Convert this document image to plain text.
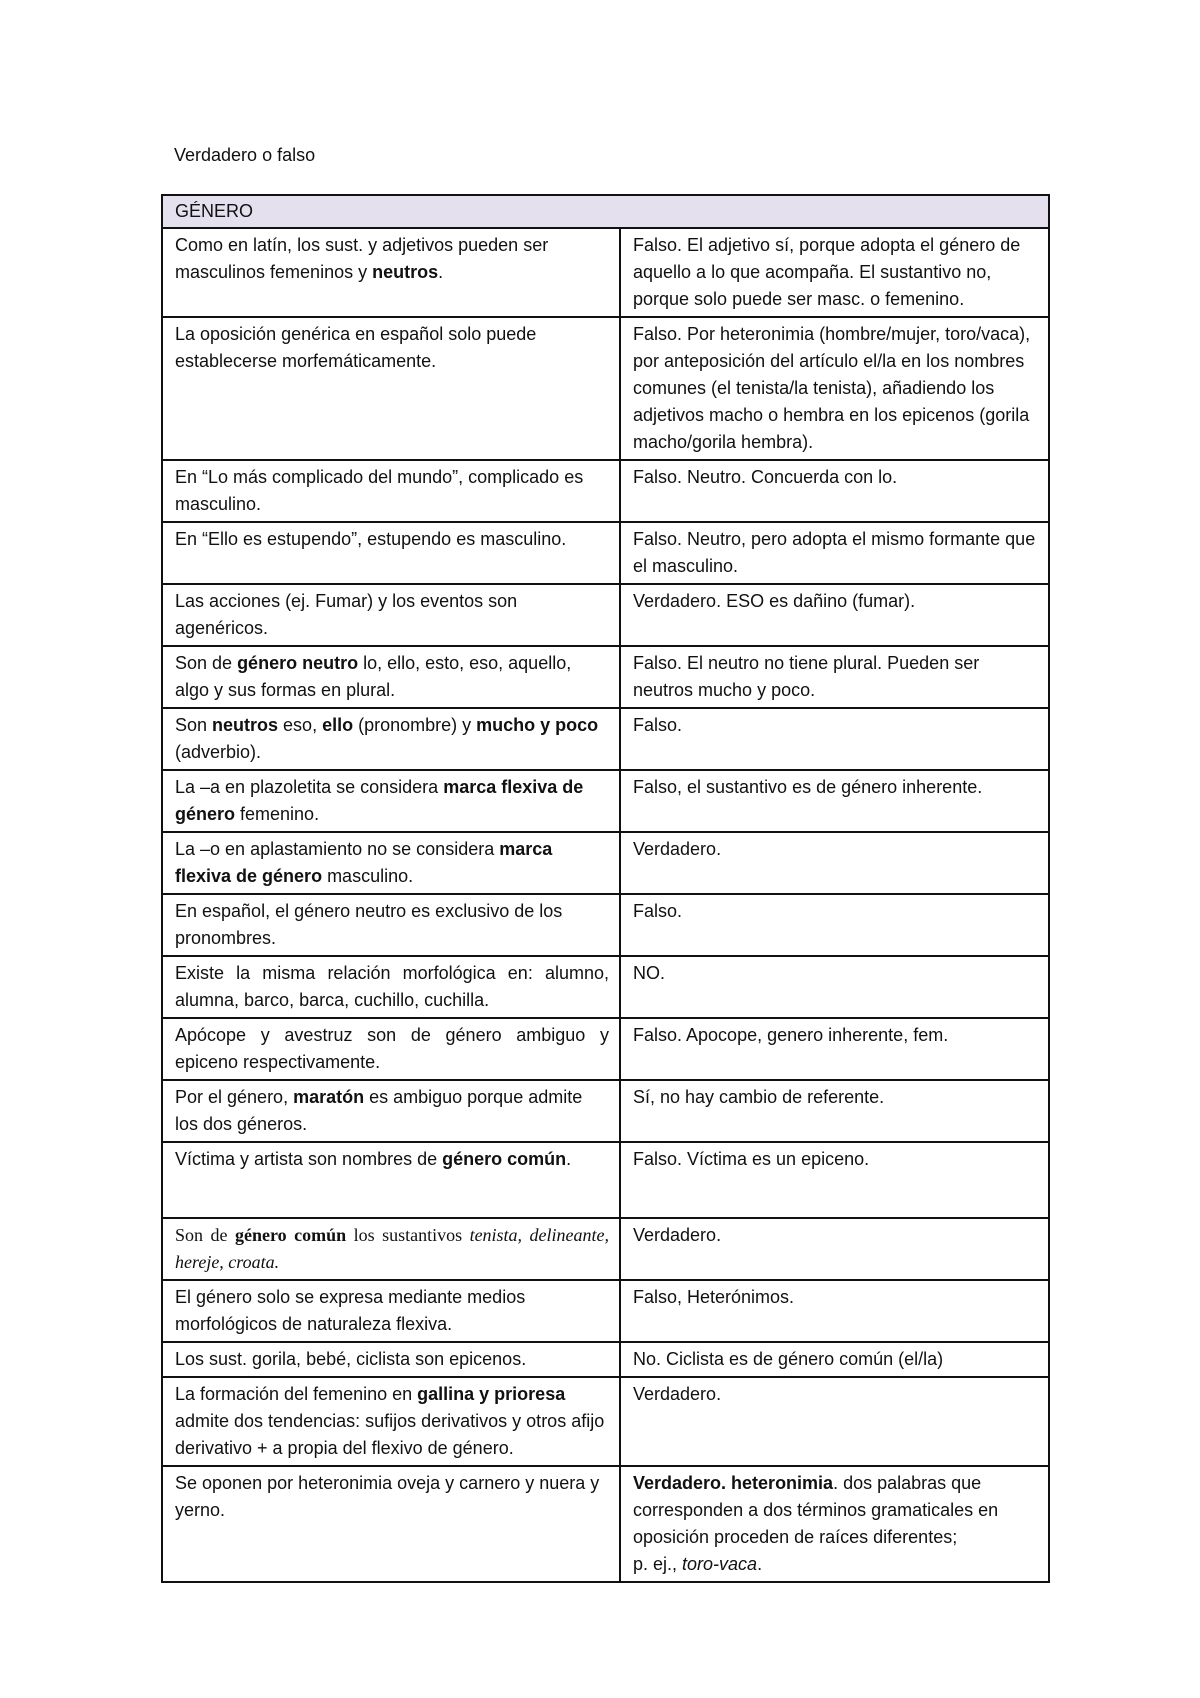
Verdadero o falso
GÉNERO	
Como en latín, los sust. y adjetivos pueden ser masculinos femeninos y neutros.	Falso. El adjetivo sí, porque adopta el género de aquello a lo que acompaña. El sustantivo no, porque solo puede ser masc. o femenino.
La oposición genérica en español solo puede establecerse morfemáticamente.	Falso. Por heteronimia (hombre/mujer, toro/vaca), por anteposición del artículo el/la en los nombres comunes (el tenista/la tenista), añadiendo los adjetivos macho o hembra en los epicenos (gorila macho/gorila hembra).
En “Lo más complicado del mundo”, complicado es masculino.	Falso. Neutro. Concuerda con lo.
En “Ello es estupendo”, estupendo es masculino.	Falso. Neutro, pero adopta el mismo formante que el masculino.
Las acciones (ej. Fumar) y los eventos son agenéricos.	Verdadero. ESO es dañino (fumar).
Son de género neutro lo, ello, esto, eso, aquello, algo y sus formas en plural.	Falso. El neutro no tiene plural. Pueden ser neutros mucho y poco.
Son neutros eso, ello (pronombre) y mucho y poco (adverbio).	Falso.
La –a en plazoletita se considera marca flexiva de género femenino.	Falso, el sustantivo es de género inherente.
La –o en aplastamiento no se considera marca flexiva de género masculino.	Verdadero.
En español, el género neutro es exclusivo de los pronombres.	Falso.
Existe la misma relación morfológica en: alumno, alumna, barco, barca, cuchillo, cuchilla.	NO.
Apócope y avestruz son de género ambiguo y epiceno respectivamente.	Falso. Apocope, genero inherente, fem.
Por el género, maratón es ambiguo porque admite los dos géneros.	Sí, no hay cambio de referente.
Víctima y artista son nombres de género común.	Falso. Víctima es un epiceno.
Son de género común los sustantivos tenista, delineante, hereje, croata.	Verdadero.
El género solo se expresa mediante medios morfológicos de naturaleza flexiva.	Falso, Heterónimos.
Los sust. gorila, bebé, ciclista son epicenos.	No. Ciclista es de género común (el/la)
La formación del femenino en gallina y prioresa admite dos tendencias: sufijos derivativos y otros afijo derivativo + a propia del flexivo de género.	Verdadero.
Se oponen por heteronimia oveja y carnero y nuera y yerno.	Verdadero. heteronimia. dos palabras que corresponden a dos términos gramaticales en oposición proceden de raíces diferentes;
p. ej., toro-vaca.
